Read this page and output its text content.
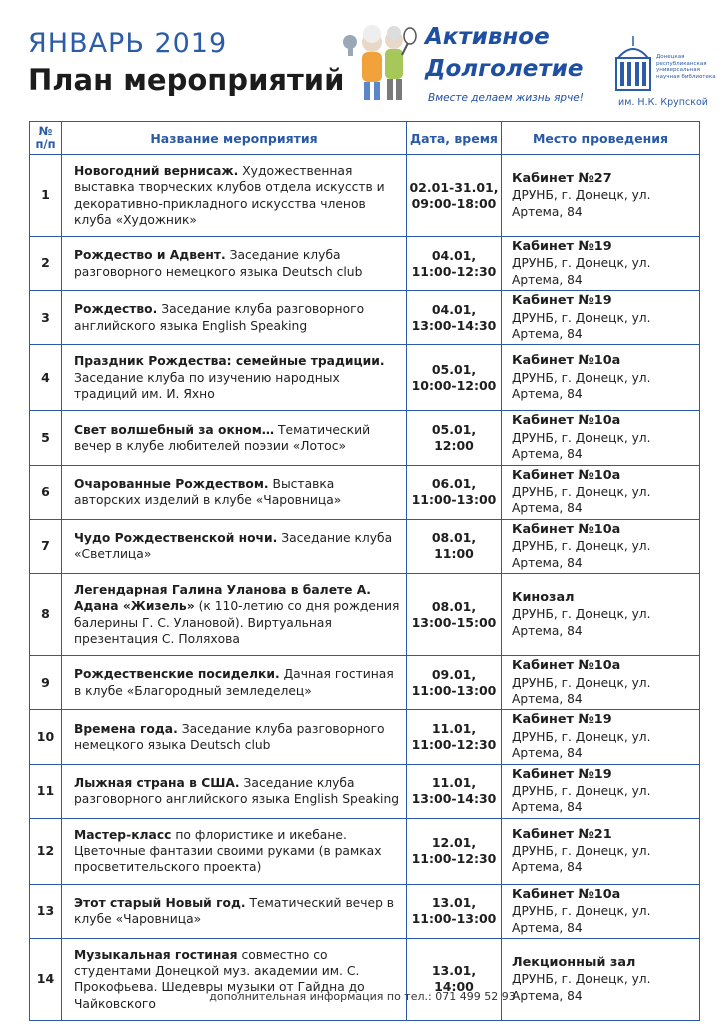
ЯНВАРЬ 2019
План мероприятий
Активное
Долголетие
Вместе делаем жизнь ярче!
Донецкая республиканская универсальная научная библиотека
им. Н.К. Крупской
№
п/п	Название мероприятия	Дата, время	Место проведения
1	Новогодний вернисаж. Художественная выставка творческих клубов отдела искусств и декоративно-прикладного искусства членов клуба «Художник»	02.01-31.01,
09:00-18:00	Кабинет №27
ДРУНБ, г. Донецк, ул. Артема, 84

2	Рождество и Адвент. Заседание клуба разговорного немецкого языка Deutsch club	04.01,
11:00-12:30	Кабинет №19
ДРУНБ, г. Донецк, ул. Артема, 84

3	Рождество. Заседание клуба разговорного английского языка English Speaking	04.01,
13:00-14:30	Кабинет №19
ДРУНБ, г. Донецк, ул. Артема, 84

4	Праздник Рождества: семейные традиции. Заседание клуба по изучению народных традиций им. И. Яхно	05.01,
10:00-12:00	Кабинет №10а
ДРУНБ, г. Донецк, ул. Артема, 84

5	Свет волшебный за окном… Тематический вечер в клубе любителей поэзии «Лотос»	05.01,
12:00	Кабинет №10а
ДРУНБ, г. Донецк, ул. Артема, 84

6	Очарованные Рождеством. Выставка авторских изделий в клубе «Чаровница»	06.01,
11:00-13:00	Кабинет №10а
ДРУНБ, г. Донецк, ул. Артема, 84

7	Чудо Рождественской ночи. Заседание клуба «Светлица»	08.01,
11:00	Кабинет №10а
ДРУНБ, г. Донецк, ул. Артема, 84

8	Легендарная Галина Уланова в балете А. Адана «Жизель» (к 110-летию со дня рождения балерины Г. С. Улановой). Виртуальная презентация С. Поляхова	08.01,
13:00-15:00	Кинозал
ДРУНБ, г. Донецк, ул. Артема, 84

9	Рождественские посиделки. Дачная гостиная в клубе «Благородный земледелец»	09.01,
11:00-13:00	Кабинет №10а
ДРУНБ, г. Донецк, ул. Артема, 84

10	Времена года. Заседание клуба разговорного немецкого языка Deutsch club	11.01,
11:00-12:30	Кабинет №19
ДРУНБ, г. Донецк, ул. Артема, 84

11	Лыжная страна в США. Заседание клуба разговорного английского языка English Speaking	11.01,
13:00-14:30	Кабинет №19
ДРУНБ, г. Донецк, ул. Артема, 84

12	Мастер-класс по флористике и икебане. Цветочные фантазии своими руками (в рамках просветительского проекта)	12.01,
11:00-12:30	Кабинет №21
ДРУНБ, г. Донецк, ул. Артема, 84

13	Этот старый Новый год. Тематический вечер в клубе «Чаровница»	13.01,
11:00-13:00	Кабинет №10а
ДРУНБ, г. Донецк, ул. Артема, 84

14	Музыкальная гостиная совместно со студентами Донецкой муз. академии им. С. Прокофьева. Шедевры музыки от Гайдна до Чайковского	13.01,
14:00	Лекционный зал
ДРУНБ, г. Донецк, ул. Артема, 84
дополнительная информация по тел.: 071 499 52 93
